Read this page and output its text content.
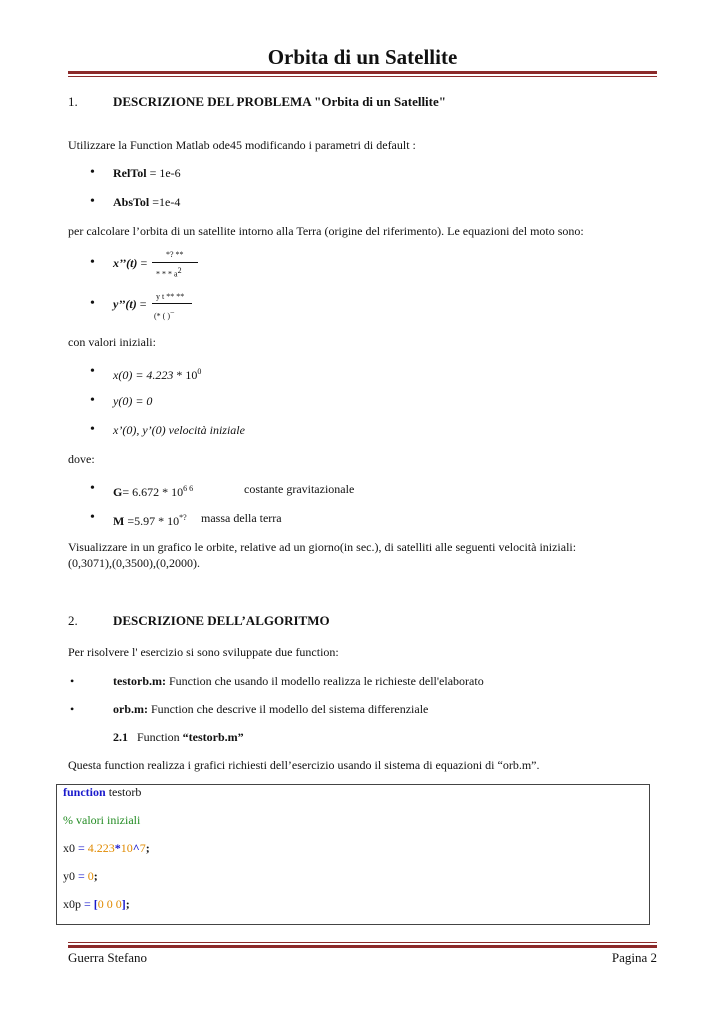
Orbita di un Satellite
1.	DESCRIZIONE DEL PROBLEMA "Orbita di un Satellite"
Utilizzare la Function Matlab ode45 modificando i parametri di default :
• RelTol = 1e-6
• AbsTol =1e-4
per calcolare l’orbita di un satellite intorno alla Terra (origine del riferimento). Le equazioni del moto sono:
• x’’(t) =
*? **
* * * $a^2$
• y’’(t) =
y t ** **
(* ( )−
con valori iniziali:
• $x(0) = 4.223 * 10^0$
• y(0) = 0
• x’(0), y’(0) velocità iniziale
dove:
• $G= 6.672 * 10^{6 6}$	costante gravitazionale
• M =5.97 * 10*? massa della terra
Visualizzare in un grafico le orbite, relative ad un giorno(in sec.), di satelliti alle seguenti velocità iniziali:
(0,3071),(0,3500),(0,2000).
2.	DESCRIZIONE DELL’ALGORITMO
Per risolvere l' esercizio si sono sviluppate due function:
•	testorb.m: Function che usando il modello realizza le richieste dell'elaborato
•	orb.m: Function che descrive il modello del sistema differenziale
2.1 Function “testorb.m”
Questa function realizza i grafici richiesti dell’esercizio usando il sistema di equazioni di “orb.m”.
function testorb
% valori iniziali
x0 = 4.223*10^7;
y0 = 0;
x0p = [0 0 0];
Guerra Stefano	Pagina 2
